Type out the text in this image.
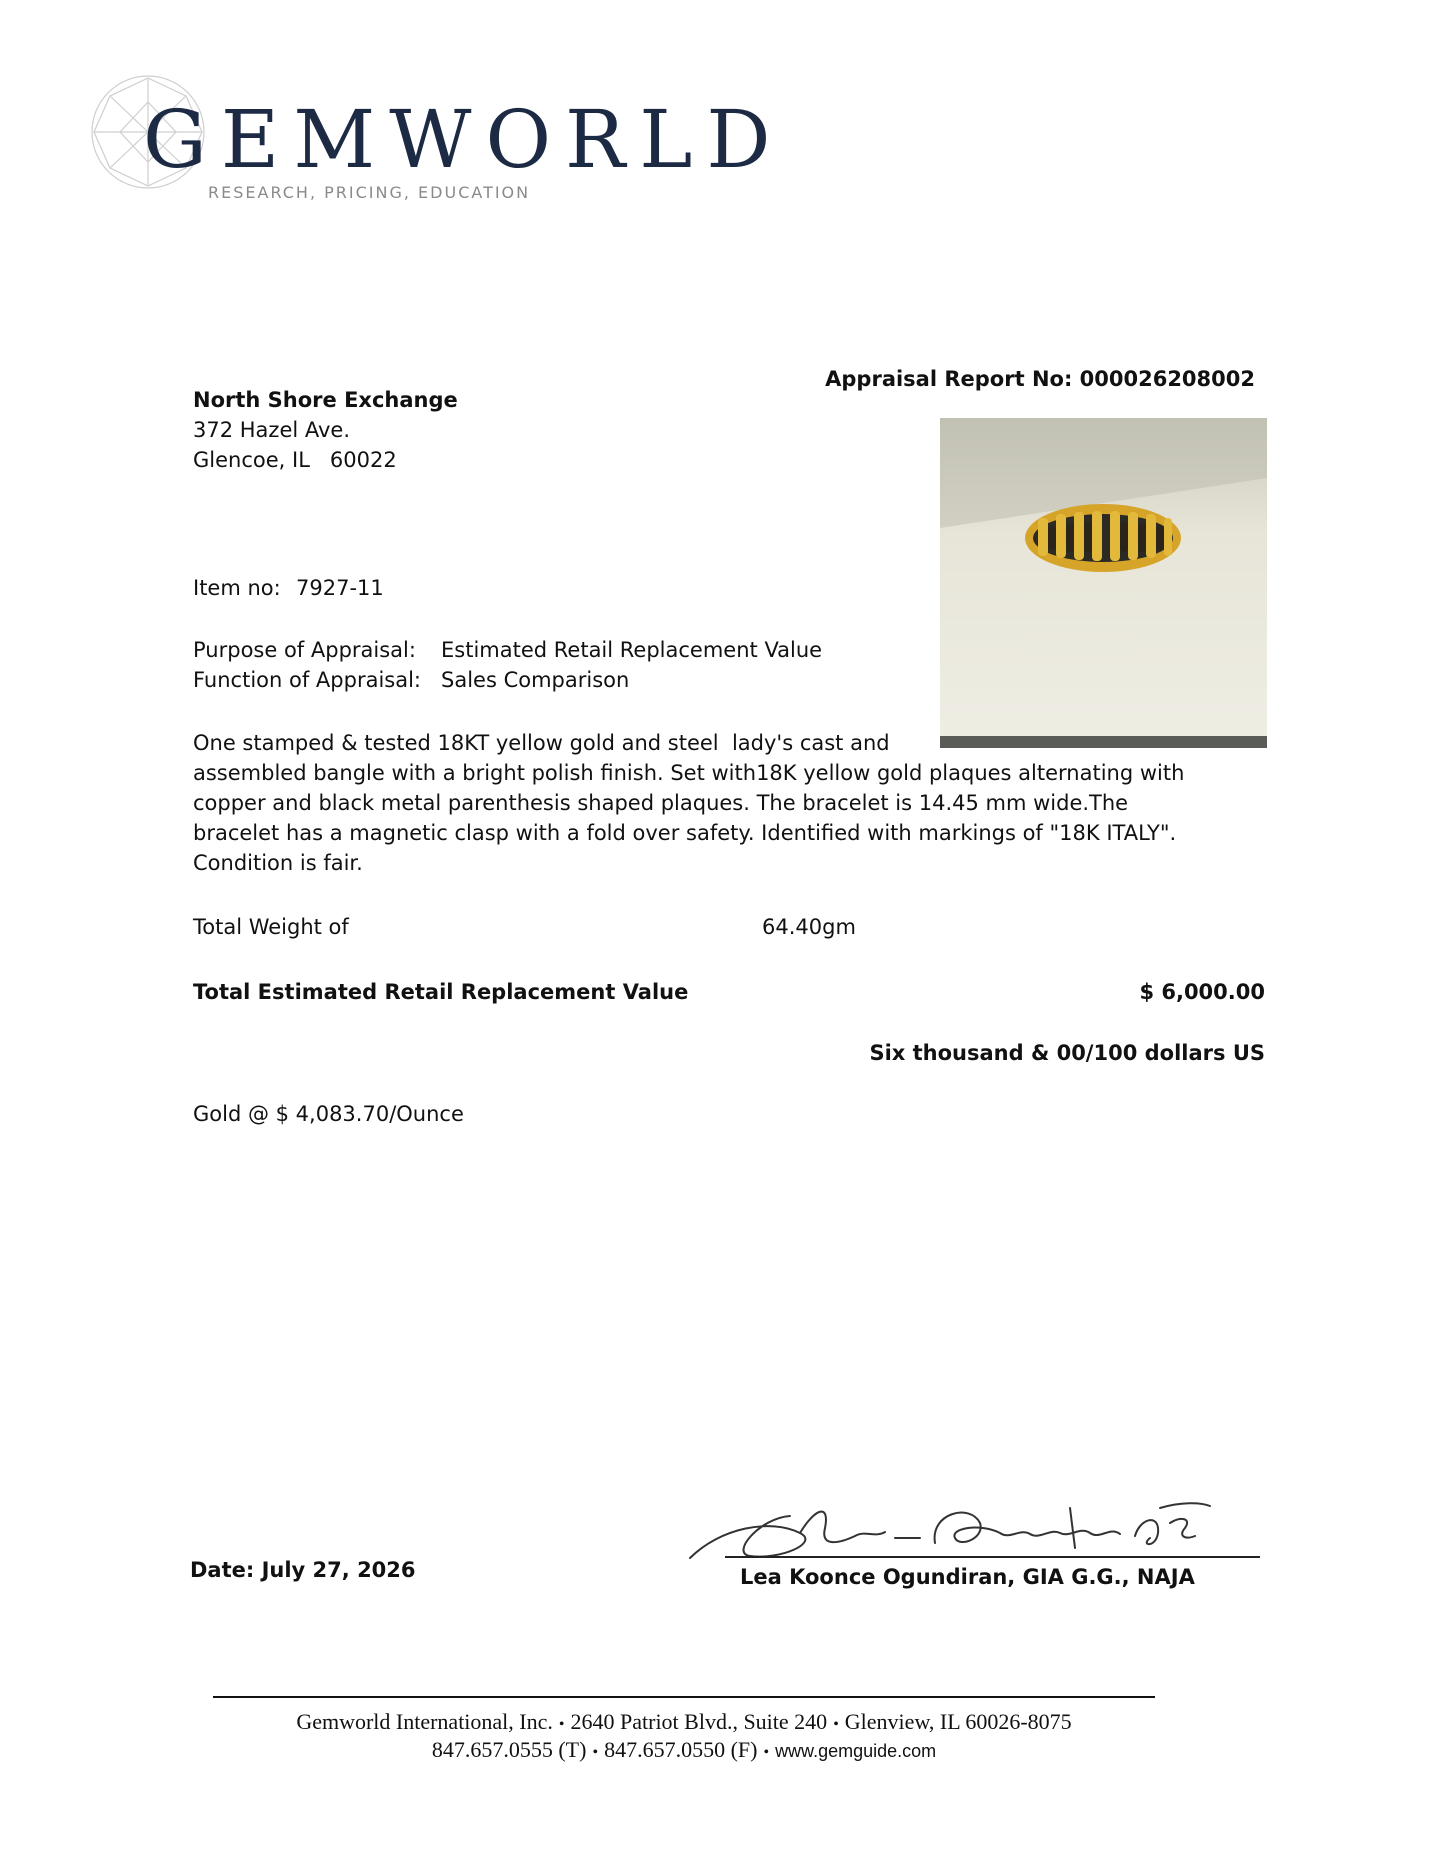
GEMWORLD
RESEARCH, PRICING, EDUCATION
North Shore Exchange
372 Hazel Ave.
Glencoe, IL   60022
Appraisal Report No: 000026208002
Item no: 7927-11
Purpose of Appraisal: Estimated Retail Replacement Value
Function of Appraisal: Sales Comparison
One stamped & tested 18KT yellow gold and steel  lady's cast and assembled bangle with a bright polish finish. Set with18K yellow gold plaques alternating with copper and black metal parenthesis shaped plaques. The bracelet is 14.45 mm wide.The bracelet has a magnetic clasp with a fold over safety. Identified with markings of "18K ITALY". Condition is fair.
Total Weight of	64.40gm
Total Estimated Retail Replacement Value	$ 6,000.00
Six thousand & 00/100 dollars US
Gold @ $ 4,083.70/Ounce
Date: July 27, 2026	Lea Koonce Ogundiran, GIA G.G., NAJA
Gemworld International, Inc. • 2640 Patriot Blvd., Suite 240 • Glenview, IL 60026-8075
847.657.0555 (T) • 847.657.0550 (F) • www.gemguide.com
